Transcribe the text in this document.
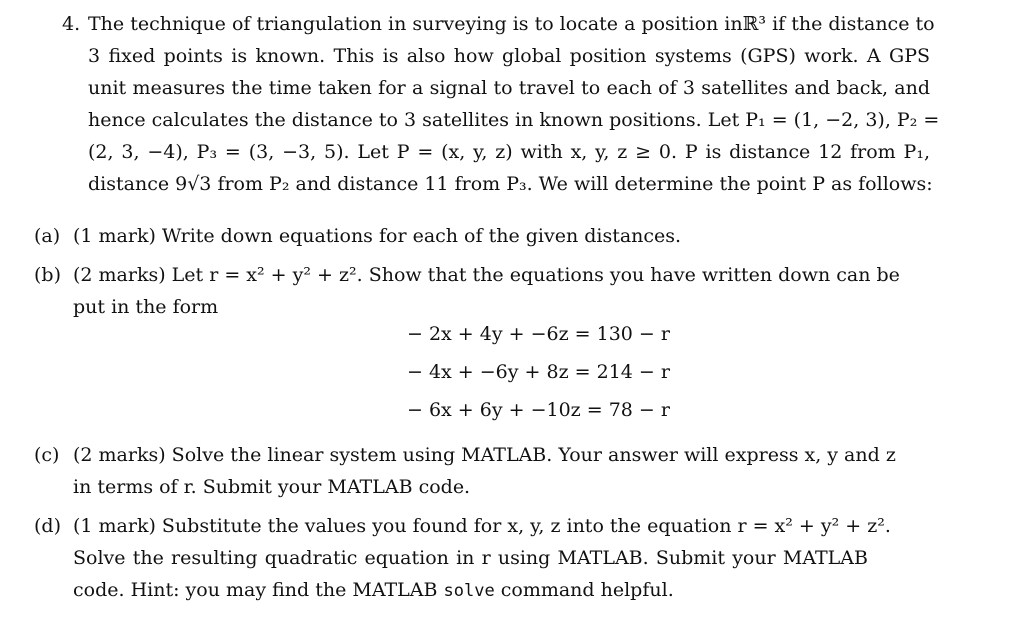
4. The technique of triangulation in surveying is to locate a position inℝ³ if the distance to
3 fixed points is known. This is also how global position systems (GPS) work. A GPS
unit measures the time taken for a signal to travel to each of 3 satellites and back, and
hence calculates the distance to 3 satellites in known positions. Let P₁ = (1, −2, 3), P₂ =
(2, 3, −4), P₃ = (3, −3, 5). Let P = (x, y, z) with x, y, z ≥ 0. P is distance 12 from P₁,
distance 9√3 from P₂ and distance 11 from P₃. We will determine the point P as follows:
(a) (1 mark) Write down equations for each of the given distances.
(b) (2 marks) Let r = x² + y² + z². Show that the equations you have written down can be
put in the form
(c) (2 marks) Solve the linear system using MATLAB. Your answer will express x, y and z
in terms of r. Submit your MATLAB code.
(d) (1 mark) Substitute the values you found for x, y, z into the equation r = x² + y² + z².
Solve the resulting quadratic equation in r using MATLAB. Submit your MATLAB
code. Hint: you may find the MATLAB solve command helpful.
− 2x + 4y + −6z = 130 − r
− 4x + −6y + 8z = 214 − r
− 6x + 6y + −10z = 78 − r
